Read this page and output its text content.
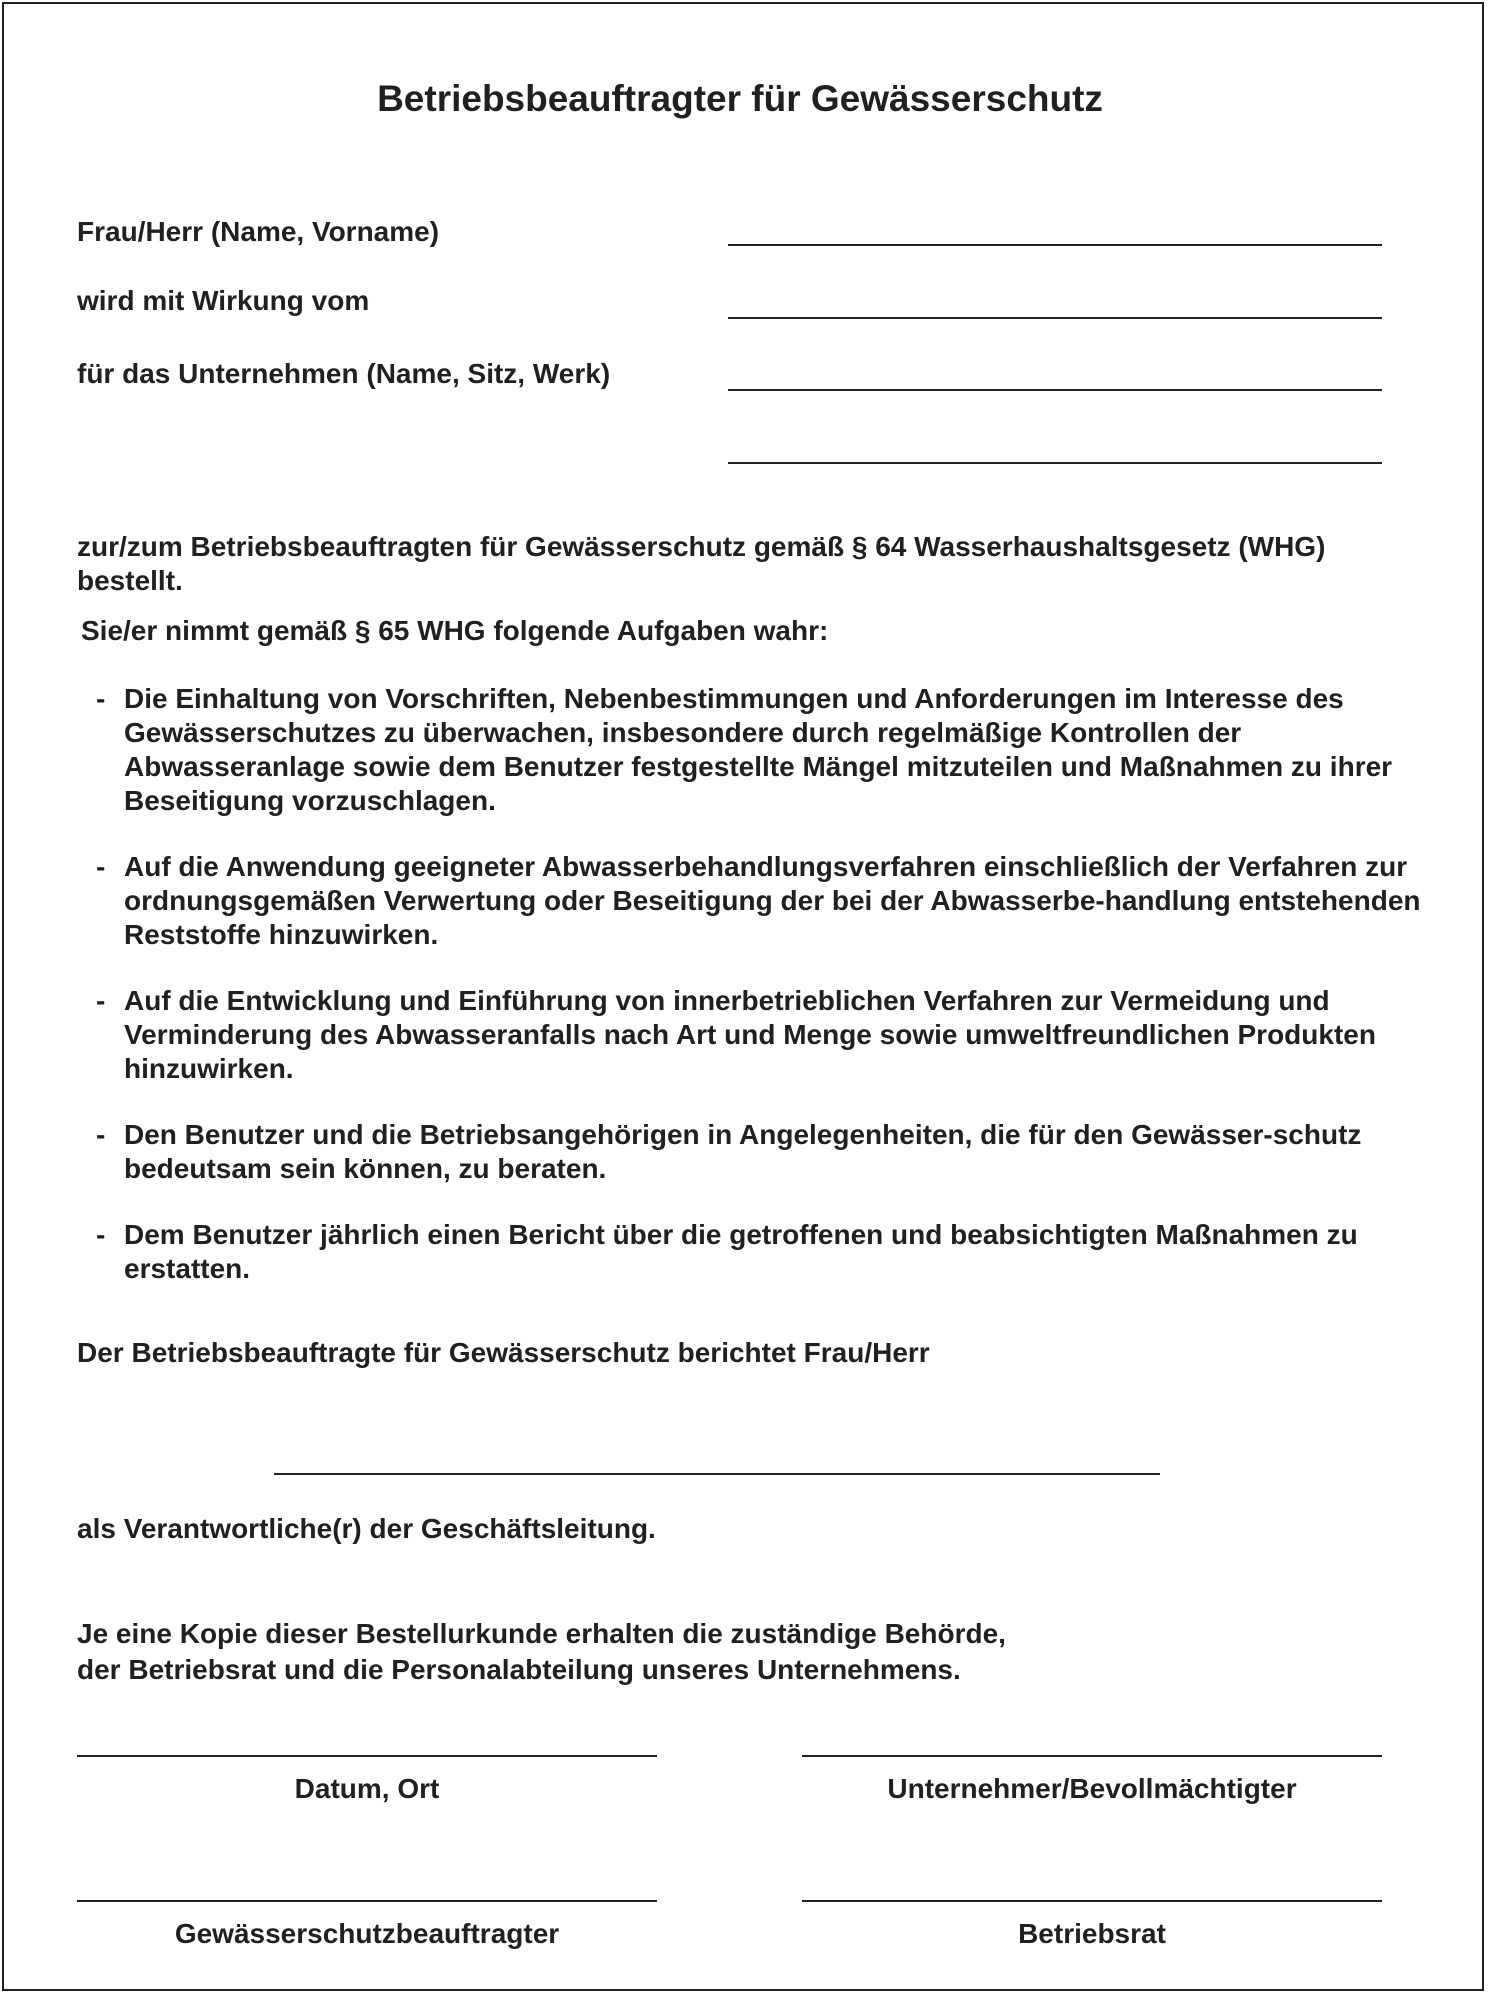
Betriebsbeauftragter für Gewässerschutz
Frau/Herr (Name, Vorname)
wird mit Wirkung vom
für das Unternehmen (Name, Sitz, Werk)
zur/zum Betriebsbeauftragten für Gewässerschutz gemäß § 64 Wasserhaushaltsgesetz (WHG) bestellt.
Sie/er nimmt gemäß § 65 WHG folgende Aufgaben wahr:
- Die Einhaltung von Vorschriften, Nebenbestimmungen und Anforderungen im Interesse des Gewässerschutzes zu überwachen, insbesondere durch regelmäßige Kontrollen der Abwasseranlage sowie dem Benutzer festgestellte Mängel mitzuteilen und Maßnahmen zu ihrer Beseitigung vorzuschlagen.
- Auf die Anwendung geeigneter Abwasserbehandlungsverfahren einschließlich der Verfahren zur ordnungsgemäßen Verwertung oder Beseitigung der bei der Abwasserbe-handlung entstehenden Reststoffe hinzuwirken.
- Auf die Entwicklung und Einführung von innerbetrieblichen Verfahren zur Vermeidung und Verminderung des Abwasseranfalls nach Art und Menge sowie umweltfreundlichen Produkten hinzuwirken.
- Den Benutzer und die Betriebsangehörigen in Angelegenheiten, die für den Gewässer-schutz bedeutsam sein können, zu beraten.
- Dem Benutzer jährlich einen Bericht über die getroffenen und beabsichtigten Maßnahmen zu erstatten.
Der Betriebsbeauftragte für Gewässerschutz berichtet Frau/Herr
als Verantwortliche(r) der Geschäftsleitung.
Je eine Kopie dieser Bestellurkunde erhalten die zuständige Behörde,
der Betriebsrat und die Personalabteilung unseres Unternehmens.
Datum, Ort	Unternehmer/Bevollmächtigter
Gewässerschutzbeauftragter	Betriebsrat
